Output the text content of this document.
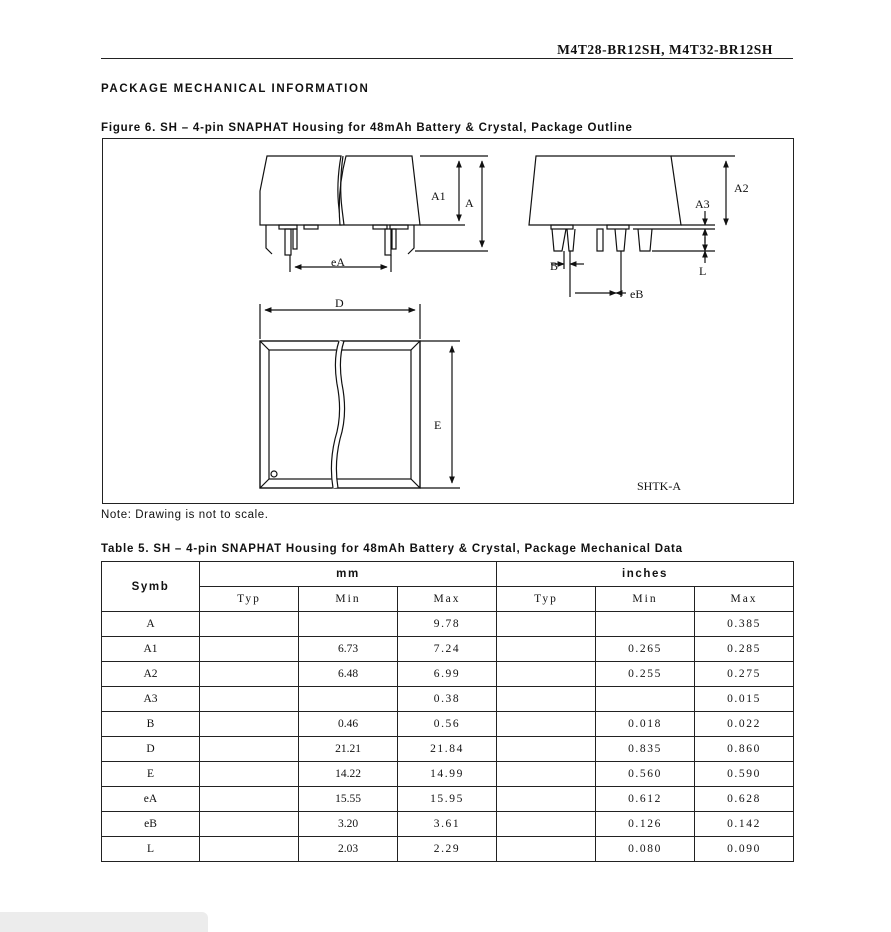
M4T28-BR12SH, M4T32-BR12SH
PACKAGE MECHANICAL INFORMATION
Figure 6. SH – 4-pin SNAPHAT Housing for 48mAh Battery & Crystal, Package Outline
A1 A
eA
A2
A3
B	L
eB
D
E
SHTK-A
Note: Drawing is not to scale.
Table 5. SH – 4-pin SNAPHAT Housing for 48mAh Battery & Crystal, Package Mechanical Data
Symb	mm			inches		
	Typ	Min	Max	Typ	Min	Max
A			9.78			0.385
A1		6.73	7.24		0.265	0.285
A2		6.48	6.99		0.255	0.275
A3			0.38			0.015
B		0.46	0.56		0.018	0.022
D		21.21	21.84		0.835	0.860
E		14.22	14.99		0.560	0.590
eA		15.55	15.95		0.612	0.628
eB		3.20	3.61		0.126	0.142
L		2.03	2.29		0.080	0.090
